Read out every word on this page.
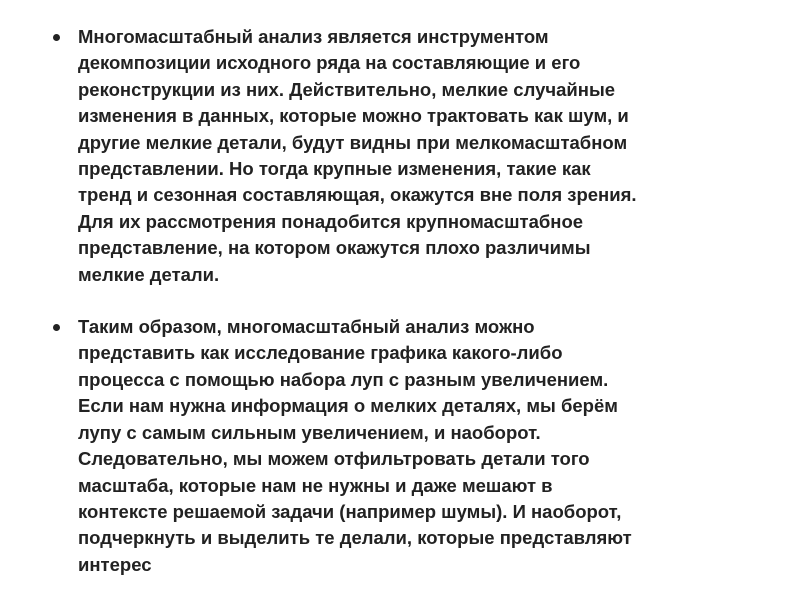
Многомасштабный анализ является инструментом
декомпозиции исходного ряда на составляющие и его
реконструкции из них. Действительно, мелкие случайные
изменения в данных, которые можно трактовать как шум, и
другие мелкие детали, будут видны при мелкомасштабном
представлении. Но тогда крупные изменения, такие как
тренд и сезонная составляющая, окажутся вне поля зрения.
Для их рассмотрения понадобится крупномасштабное
представление, на котором окажутся плохо различимы
мелкие детали.
Таким образом, многомасштабный анализ можно
представить как исследование графика какого-либо
процесса с помощью набора луп с разным увеличением.
Если нам нужна информация о мелких деталях, мы берём
лупу с самым сильным увеличением, и наоборот.
Следовательно, мы можем отфильтровать детали того
масштаба, которые нам не нужны и даже мешают в
контексте решаемой задачи (например шумы). И наоборот,
подчеркнуть и выделить те делали, которые представляют
интерес
